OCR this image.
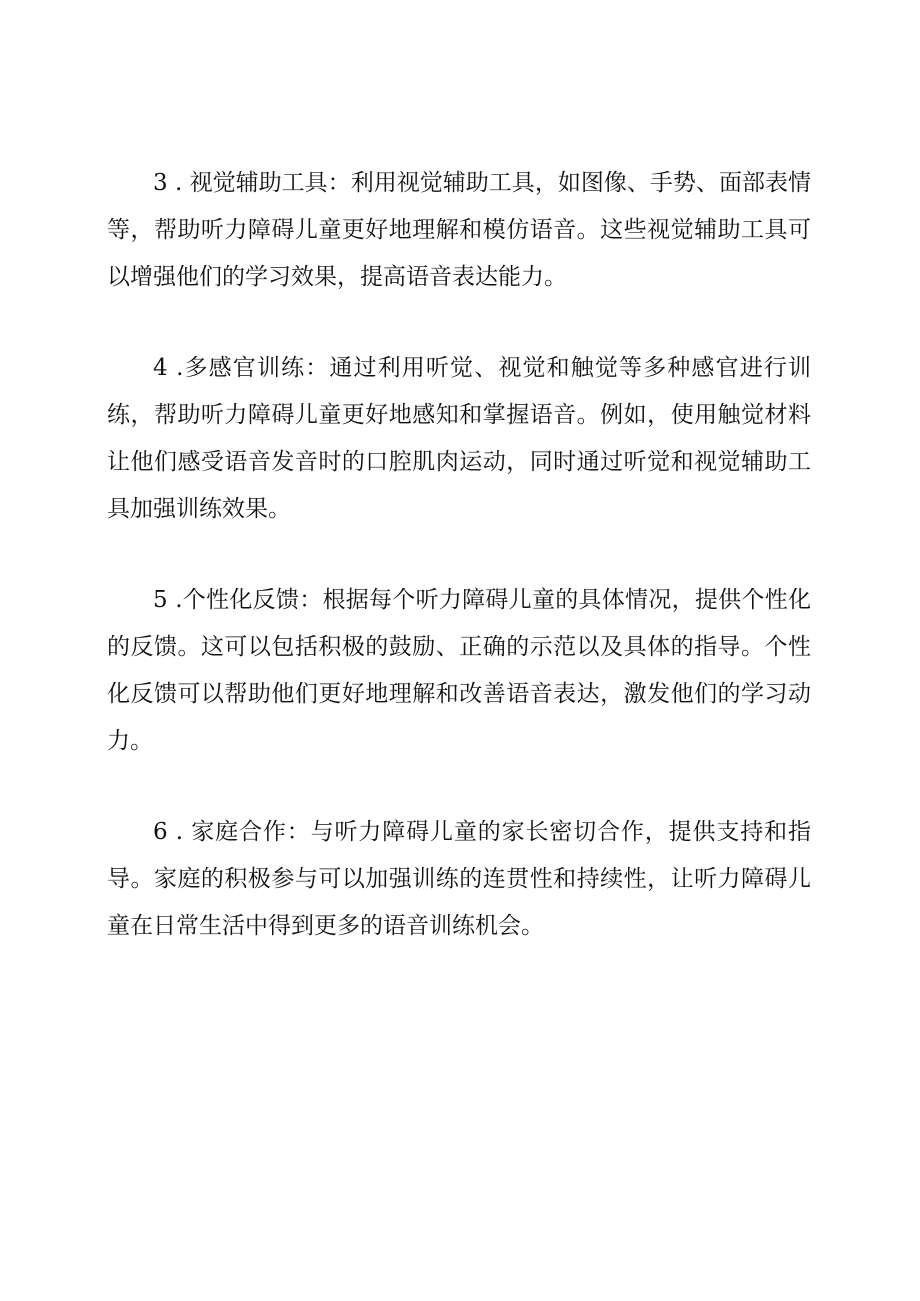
3 . 视觉辅助工具：利用视觉辅助工具，如图像、手势、面部表情等，帮助听力障碍儿童更好地理解和模仿语音。这些视觉辅助工具可以增强他们的学习效果，提高语音表达能力。

4 .多感官训练：通过利用听觉、视觉和触觉等多种感官进行训练，帮助听力障碍儿童更好地感知和掌握语音。例如，使用触觉材料让他们感受语音发音时的口腔肌肉运动，同时通过听觉和视觉辅助工具加强训练效果。

5 .个性化反馈：根据每个听力障碍儿童的具体情况，提供个性化的反馈。这可以包括积极的鼓励、正确的示范以及具体的指导。个性化反馈可以帮助他们更好地理解和改善语音表达，激发他们的学习动力。

6 . 家庭合作：与听力障碍儿童的家长密切合作，提供支持和指导。家庭的积极参与可以加强训练的连贯性和持续性，让听力障碍儿童在日常生活中得到更多的语音训练机会。
